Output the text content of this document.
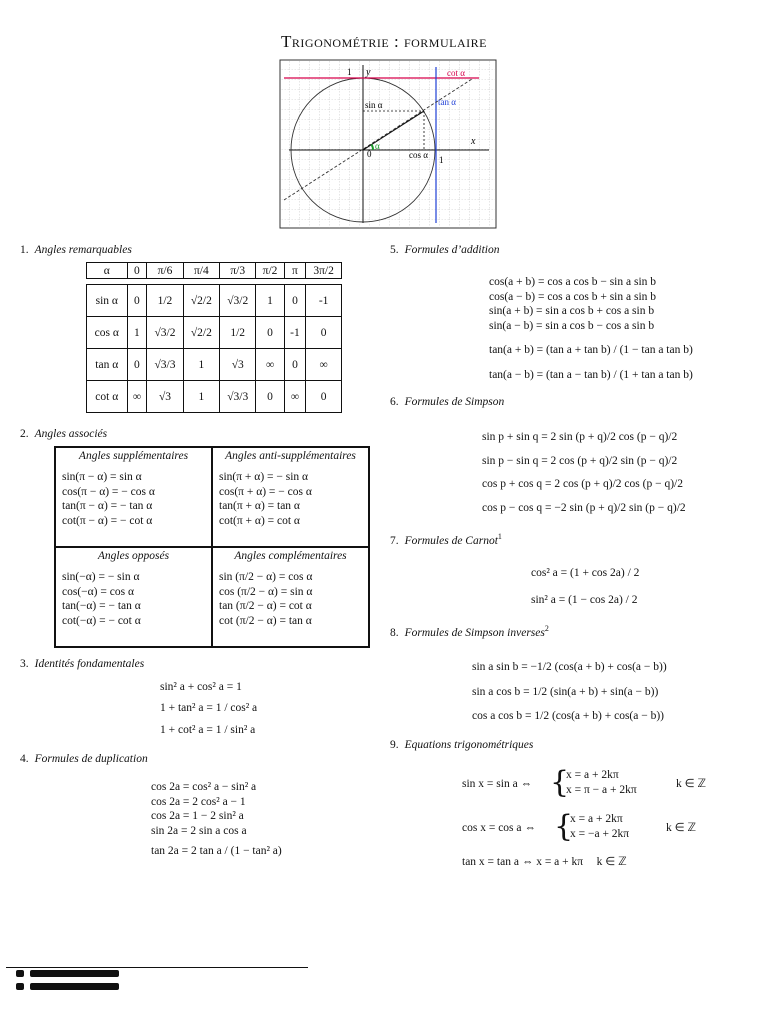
Trigonométrie : formulaire
y
x
1
1
0
α
sin α
cos α
tan α
cot α
1. Angles remarquables
2. Angles associés
3. Identités fondamentales
4. Formules de duplication
5. Formules d’addition
6. Formules de Simpson
7. Formules de Carnot$^1$
8. Formules de Simpson inverses$^2$
9. Equations trigonométriques
α	0	π/6	π/4	π/3	π/2	π	3π/2

sin α	0	1/2	√2/2	√3/2	1	0	-1
cos α	1	√3/2	√2/2	1/2	0	-1	0
tan α	0	√3/3	1	√3	∞	0	∞
cot α	∞	√3	1	√3/3	0	∞	0
Angles supplémentaires
sin(π − α) = sin α
cos(π − α) = − cos α
tan(π − α) = − tan α
cot(π − α) = − cot α
Angles anti-supplémentaires
sin(π + α) = − sin α
cos(π + α) = − cos α
tan(π + α) = tan α
cot(π + α) = cot α
Angles opposés
sin(−α) = − sin α
cos(−α) = cos α
tan(−α) = − tan α
cot(−α) = − cot α
Angles complémentaires
sin (π/2 − α) = cos α
cos (π/2 − α) = sin α
tan (π/2 − α) = cot α
cot (π/2 − α) = tan α
sin² a + cos² a = 1
1 + tan² a = 1 / cos² a
1 + cot² a = 1 / sin² a
cos 2a = cos² a − sin² a
cos 2a = 2 cos² a − 1
cos 2a = 1 − 2 sin² a
sin 2a = 2 sin a cos a
tan 2a = 2 tan a / (1 − tan² a)
cos(a + b) = cos a cos b − sin a sin b
cos(a − b) = cos a cos b + sin a sin b
sin(a + b) = sin a cos b + cos a sin b
sin(a − b) = sin a cos b − cos a sin b
tan(a + b) = (tan a + tan b) / (1 − tan a tan b)
tan(a − b) = (tan a − tan b) / (1 + tan a tan b)
sin p + sin q = 2 sin (p + q)/2 cos (p − q)/2
sin p − sin q = 2 cos (p + q)/2 sin (p − q)/2
cos p + cos q = 2 cos (p + q)/2 cos (p − q)/2
cos p − cos q = −2 sin (p + q)/2 sin (p − q)/2
cos² a = (1 + cos 2a) / 2
sin² a = (1 − cos 2a) / 2
sin a sin b = −1/2 (cos(a + b) + cos(a − b))
sin a cos b = 1/2 (sin(a + b) + sin(a − b))
cos a cos b = 1/2 (cos(a + b) + cos(a − b))
sin x = sin a ⇔ {
x = a + 2kπ
x = π − a + 2kπ	k ∈ ℤ
cos x = cos a ⇔ {
x = a + 2kπ
x = −a + 2kπ	k ∈ ℤ
tan x = tan a ⇔ x = a + kπ k ∈ ℤ
